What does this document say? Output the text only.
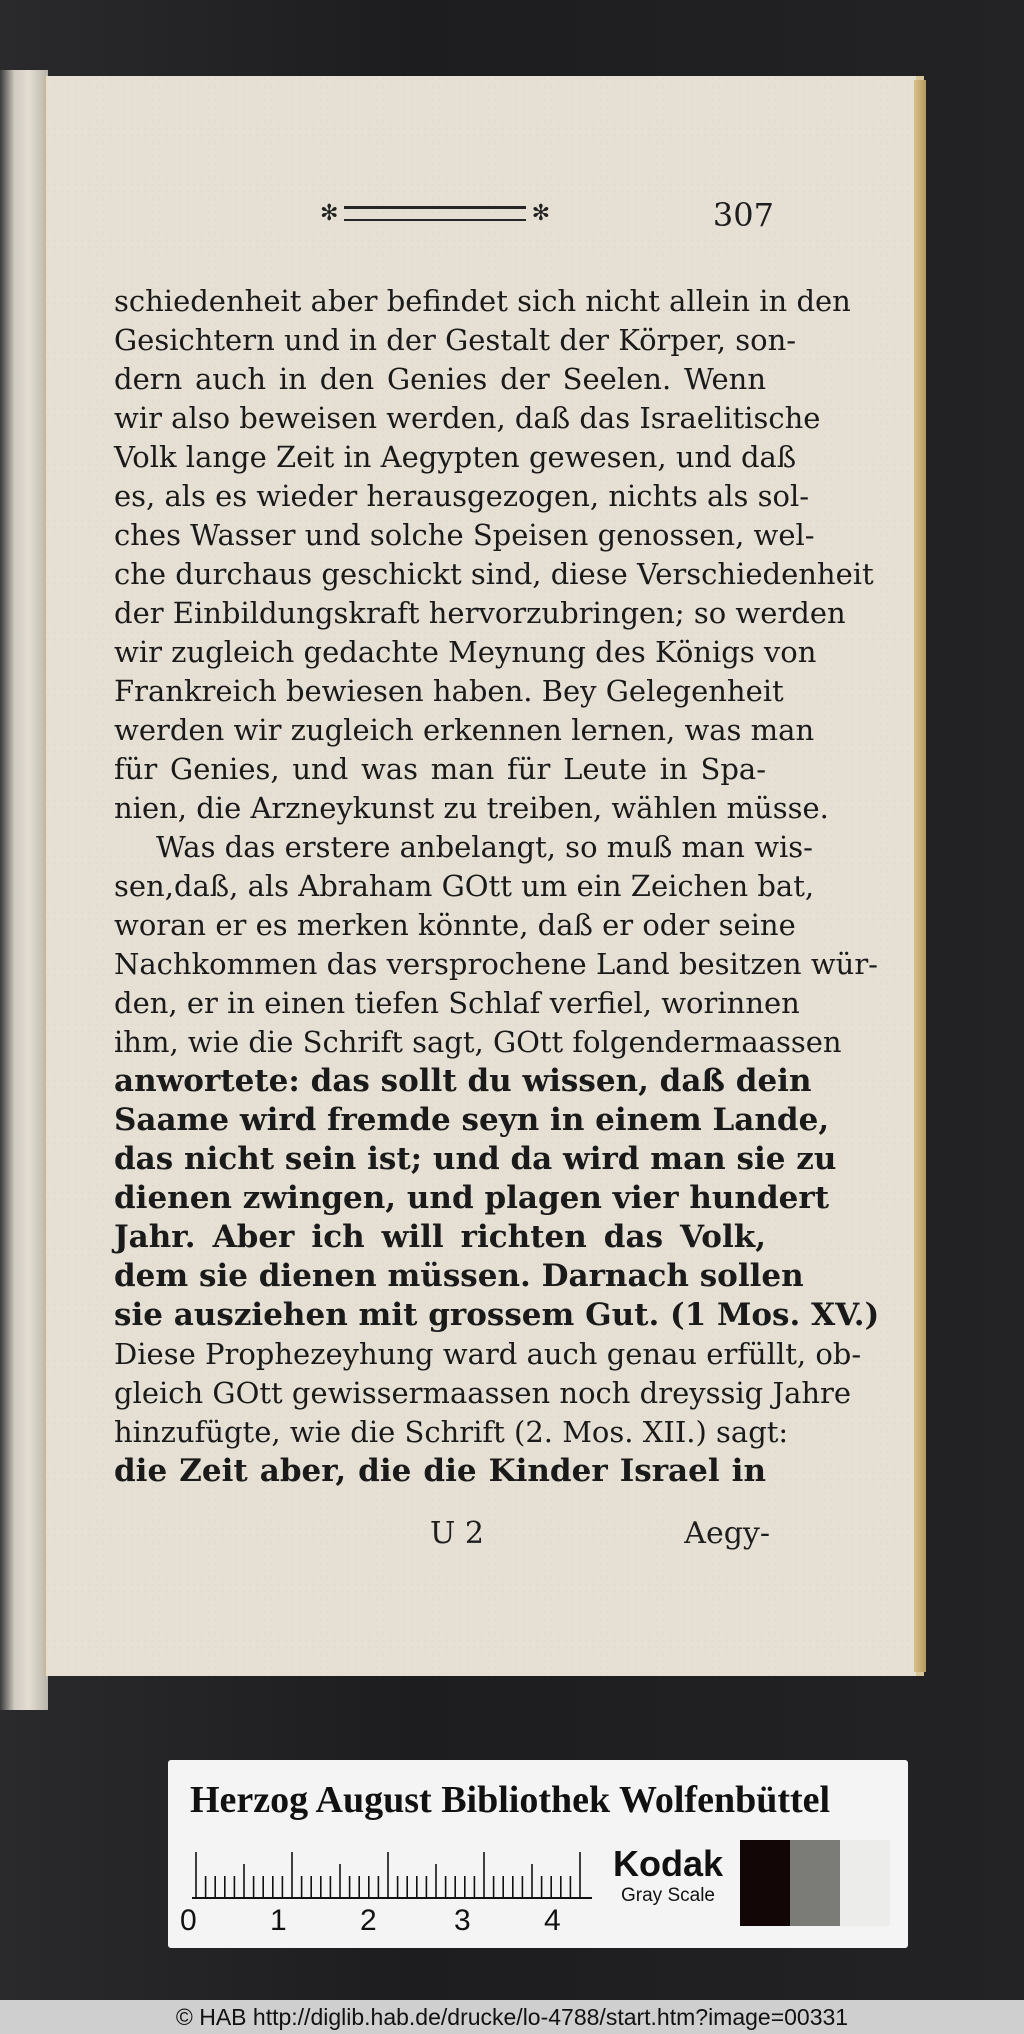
✻	✻	307
schiedenheit aber befindet sich nicht allein in den
Gesichtern und in der Gestalt der Körper, son-
dern auch in den Genies der Seelen. Wenn
wir also beweisen werden, daß das Israelitische
Volk lange Zeit in Aegypten gewesen, und daß
es, als es wieder herausgezogen, nichts als sol-
ches Wasser und solche Speisen genossen, wel-
che durchaus geschickt sind, diese Verschiedenheit
der Einbildungskraft hervorzubringen; so werden
wir zugleich gedachte Meynung des Königs von
Frankreich bewiesen haben. Bey Gelegenheit
werden wir zugleich erkennen lernen, was man
für Genies, und was man für Leute in Spa-
nien, die Arzneykunst zu treiben, wählen müsse.
Was das erstere anbelangt, so muß man wis-
sen,daß, als Abraham GOtt um ein Zeichen bat,
woran er es merken könnte, daß er oder seine
Nachkommen das versprochene Land besitzen wür-
den, er in einen tiefen Schlaf verfiel, worinnen
ihm, wie die Schrift sagt, GOtt folgendermaassen
anwortete: das sollt du wissen, daß dein
Saame wird fremde seyn in einem Lande,
das nicht sein ist; und da wird man sie zu
dienen zwingen, und plagen vier hundert
Jahr. Aber ich will richten das Volk,
dem sie dienen müssen. Darnach sollen
sie ausziehen mit grossem Gut. (1 Mos. XV.)
Diese Prophezeyhung ward auch genau erfüllt, ob-
gleich GOtt gewissermaassen noch dreyssig Jahre
hinzufügte, wie die Schrift (2. Mos. XII.) sagt:
die Zeit aber, die die Kinder Israel in
U 2	Aegy-
Herzog August Bibliothek Wolfenbüttel
0 1 2	3 4
Kodak
Gray Scale
© HAB http://diglib.hab.de/drucke/lo-4788/start.htm?image=00331
